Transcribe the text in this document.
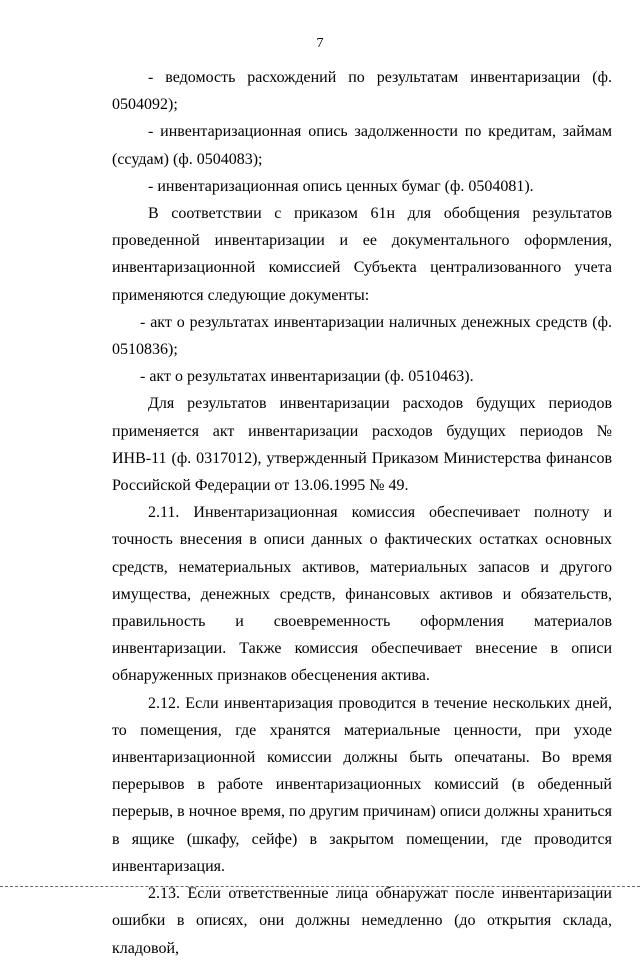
7

- ведомость расхождений по результатам инвентаризации (ф. 0504092);

- инвентаризационная опись задолженности по кредитам, займам (ссудам) (ф. 0504083);

- инвентаризационная опись ценных бумаг (ф. 0504081).

В соответствии с приказом 61н для обобщения результатов проведенной инвентаризации и ее документального оформления, инвентаризационной комиссией Субъекта централизованного учета применяются следующие документы:

- акт о результатах инвентаризации наличных денежных средств (ф. 0510836);

- акт о результатах инвентаризации (ф. 0510463).

Для результатов инвентаризации расходов будущих периодов применяется акт инвентаризации расходов будущих периодов № ИНВ-11 (ф. 0317012), утвержденный Приказом Министерства финансов Российской Федерации от 13.06.1995 № 49.

2.11. Инвентаризационная комиссия обеспечивает полноту и точность внесения в описи данных о фактических остатках основных средств, нематериальных активов, материальных запасов и другого имущества, денежных средств, финансовых активов и обязательств, правильность и своевременность оформления материалов инвентаризации. Также комиссия обеспечивает внесение в описи обнаруженных признаков обесценения актива.

2.12. Если инвентаризация проводится в течение нескольких дней, то помещения, где хранятся материальные ценности, при уходе инвентаризационной комиссии должны быть опечатаны. Во время перерывов в работе инвентаризационных комиссий (в обеденный перерыв, в ночное время, по другим причинам) описи должны храниться в ящике (шкафу, сейфе) в закрытом помещении, где проводится инвентаризация.

2.13. Если ответственные лица обнаружат после инвентаризации ошибки в описях, они должны немедленно (до открытия склада, кладовой,
